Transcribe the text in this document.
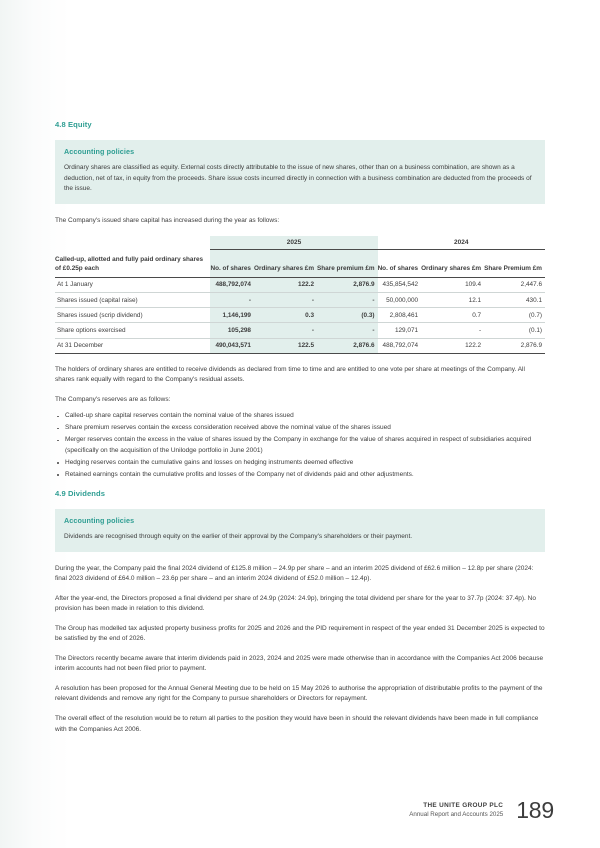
4.8 Equity
Accounting policies

Ordinary shares are classified as equity. External costs directly attributable to the issue of new shares, other than on a business combination, are shown as a deduction, net of tax, in equity from the proceeds. Share issue costs incurred directly in connection with a business combination are deducted from the proceeds of the issue.

The Company's issued share capital has increased during the year as follows:

	2025			2024		
Called-up, allotted and fully paid ordinary shares of £0.25p each	No. of shares	Ordinary shares £m	Share premium £m	No. of shares	Ordinary shares £m	Share Premium £m
At 1 January	488,792,074	122.2	2,876.9	435,854,542	109.4	2,447.6
Shares issued (capital raise)	-	-	-	50,000,000	12.1	430.1
Shares issued (scrip dividend)	1,146,199	0.3	(0.3)	2,808,461	0.7	(0.7)
Share options exercised	105,298	-	-	129,071	-	(0.1)
At 31 December	490,043,571	122.5	2,876.6	488,792,074	122.2	2,876.9

The holders of ordinary shares are entitled to receive dividends as declared from time to time and are entitled to one vote per share at meetings of the Company. All shares rank equally with regard to the Company's residual assets.

The Company's reserves are as follows:

Called-up share capital reserves contain the nominal value of the shares issued
Share premium reserves contain the excess consideration received above the nominal value of the shares issued
Merger reserves contain the excess in the value of shares issued by the Company in exchange for the value of shares acquired in respect of subsidiaries acquired (specifically on the acquisition of the Unilodge portfolio in June 2001)
Hedging reserves contain the cumulative gains and losses on hedging instruments deemed effective
Retained earnings contain the cumulative profits and losses of the Company net of dividends paid and other adjustments.
4.9 Dividends
Accounting policies

Dividends are recognised through equity on the earlier of their approval by the Company's shareholders or their payment.

During the year, the Company paid the final 2024 dividend of £125.8 million – 24.9p per share – and an interim 2025 dividend of £62.6 million – 12.8p per share (2024: final 2023 dividend of £64.0 million – 23.6p per share – and an interim 2024 dividend of £52.0 million – 12.4p).

After the year-end, the Directors proposed a final dividend per share of 24.9p (2024: 24.9p), bringing the total dividend per share for the year to 37.7p (2024: 37.4p). No provision has been made in relation to this dividend.

The Group has modelled tax adjusted property business profits for 2025 and 2026 and the PID requirement in respect of the year ended 31 December 2025 is expected to be satisfied by the end of 2026.

The Directors recently became aware that interim dividends paid in 2023, 2024 and 2025 were made otherwise than in accordance with the Companies Act 2006 because interim accounts had not been filed prior to payment.

A resolution has been proposed for the Annual General Meeting due to be held on 15 May 2026 to authorise the appropriation of distributable profits to the payment of the relevant dividends and remove any right for the Company to pursue shareholders or Directors for repayment.

The overall effect of the resolution would be to return all parties to the position they would have been in should the relevant dividends have been made in full compliance with the Companies Act 2006.

THE UNITE GROUP PLC

Annual Report and Accounts 2025 189
